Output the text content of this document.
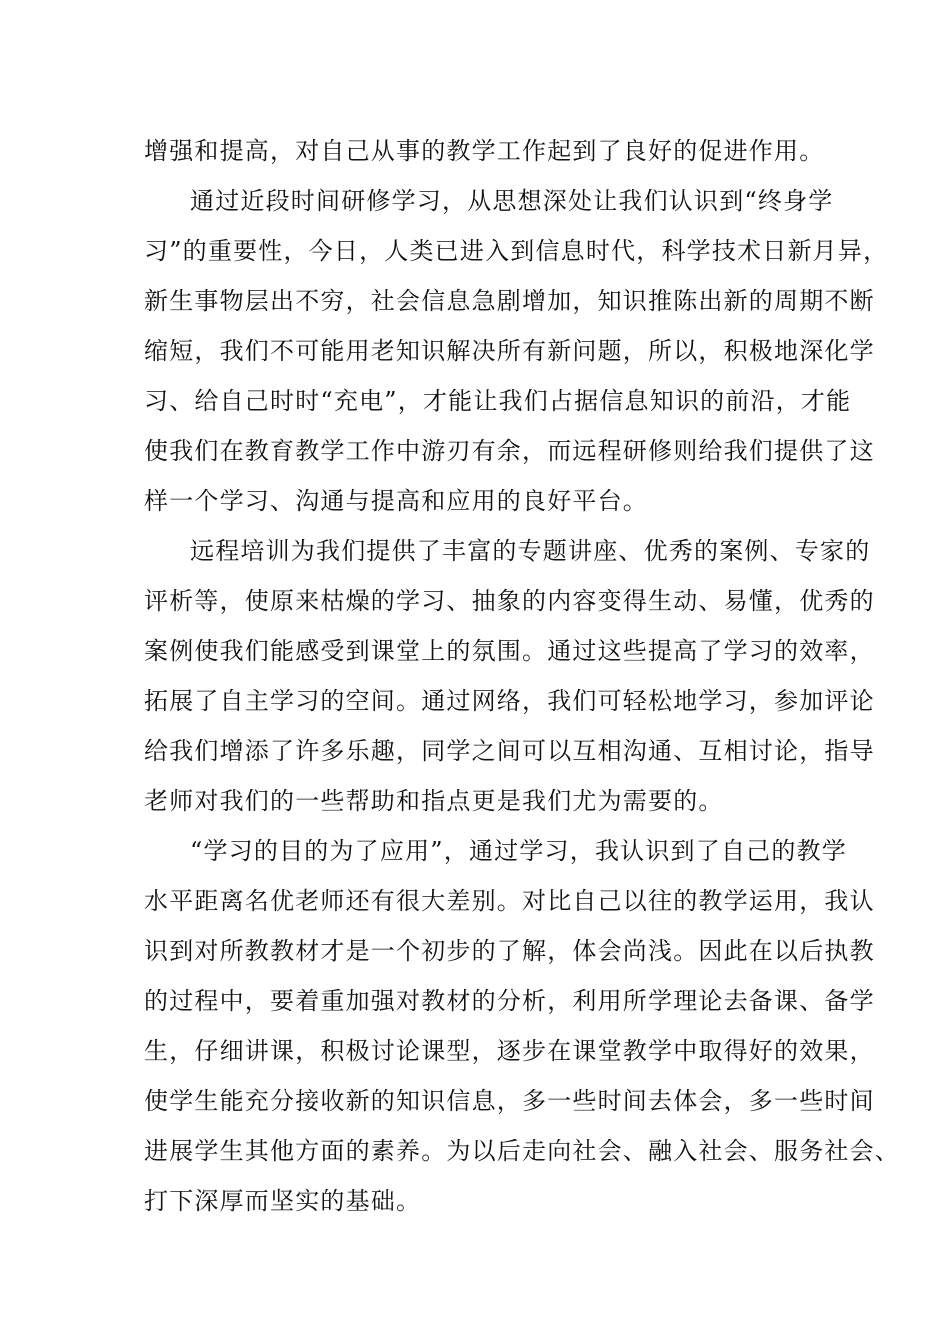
增强和提高，对自己从事的教学工作起到了良好的促进作用。
通过近段时间研修学习，从思想深处让我们认识到“终身学
习”的重要性，今日，人类已进入到信息时代，科学技术日新月异，
新生事物层出不穷，社会信息急剧增加，知识推陈出新的周期不断
缩短，我们不可能用老知识解决所有新问题，所以，积极地深化学
习、给自己时时“充电”，才能让我们占据信息知识的前沿，才能
使我们在教育教学工作中游刃有余，而远程研修则给我们提供了这
样一个学习、沟通与提高和应用的良好平台。
远程培训为我们提供了丰富的专题讲座、优秀的案例、专家的
评析等，使原来枯燥的学习、抽象的内容变得生动、易懂，优秀的
案例使我们能感受到课堂上的氛围。通过这些提高了学习的效率，
拓展了自主学习的空间。通过网络，我们可轻松地学习，参加评论
给我们增添了许多乐趣，同学之间可以互相沟通、互相讨论，指导
老师对我们的一些帮助和指点更是我们尤为需要的。
“学习的目的为了应用”，通过学习，我认识到了自己的教学
水平距离名优老师还有很大差别。对比自己以往的教学运用，我认
识到对所教教材才是一个初步的了解，体会尚浅。因此在以后执教
的过程中，要着重加强对教材的分析，利用所学理论去备课、备学
生，仔细讲课，积极讨论课型，逐步在课堂教学中取得好的效果，
使学生能充分接收新的知识信息，多一些时间去体会，多一些时间
进展学生其他方面的素养。为以后走向社会、融入社会、服务社会、
打下深厚而坚实的基础。
